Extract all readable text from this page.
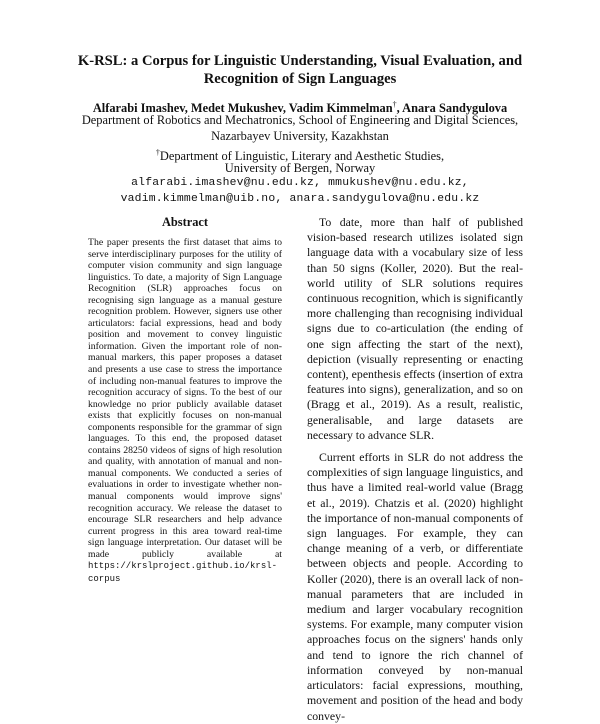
K-RSL: a Corpus for Linguistic Understanding, Visual Evaluation, and
Recognition of Sign Languages
Alfarabi Imashev, Medet Mukushev, Vadim Kimmelman†, Anara Sandygulova
Department of Robotics and Mechatronics, School of Engineering and Digital Sciences,
Nazarbayev University, Kazakhstan
†Department of Linguistic, Literary and Aesthetic Studies,
University of Bergen, Norway
alfarabi.imashev@nu.edu.kz, mmukushev@nu.edu.kz,
vadim.kimmelman@uib.no, anara.sandygulova@nu.edu.kz
Abstract
The paper presents the first dataset that aims to serve interdisciplinary purposes for the utility of computer vision community and sign language linguistics. To date, a majority of Sign Language Recognition (SLR) approaches focus on recognising sign language as a manual gesture recognition problem. However, signers use other articulators: facial expressions, head and body position and movement to convey linguistic information. Given the important role of non-manual markers, this paper proposes a dataset and presents a use case to stress the importance of including non-manual features to improve the recognition accuracy of signs. To the best of our knowledge no prior publicly available dataset exists that explicitly focuses on non-manual components responsible for the grammar of sign languages. To this end, the proposed dataset contains 28250 videos of signs of high resolution and quality, with annotation of manual and non-manual components. We conducted a series of evaluations in order to investigate whether non-manual components would improve signs' recognition accuracy. We release the dataset to encourage SLR researchers and help advance current progress in this area toward real-time sign language interpretation. Our dataset will be made publicly available at https://krslproject.github.io/krsl-corpus

To date, more than half of published vision-based research utilizes isolated sign language data with a vocabulary size of less than 50 signs (Koller, 2020). But the real-world utility of SLR solutions requires continuous recognition, which is significantly more challenging than recognising individual signs due to co-articulation (the ending of one sign affecting the start of the next), depiction (visually representing or enacting content), epenthesis effects (insertion of extra features into signs), generalization, and so on (Bragg et al., 2019). As a result, realistic, generalisable, and large datasets are necessary to advance SLR.

Current efforts in SLR do not address the complexities of sign language linguistics, and thus have a limited real-world value (Bragg et al., 2019). Chatzis et al. (2020) highlight the importance of non-manual components of sign languages. For example, they can change meaning of a verb, or differentiate between objects and people. According to Koller (2020), there is an overall lack of non-manual parameters that are included in medium and larger vocabulary recognition systems. For example, many computer vision approaches focus on the signers' hands only and tend to ignore the rich channel of information conveyed by non-manual articulators: facial expressions, mouthing, movement and position of the head and body convey-
